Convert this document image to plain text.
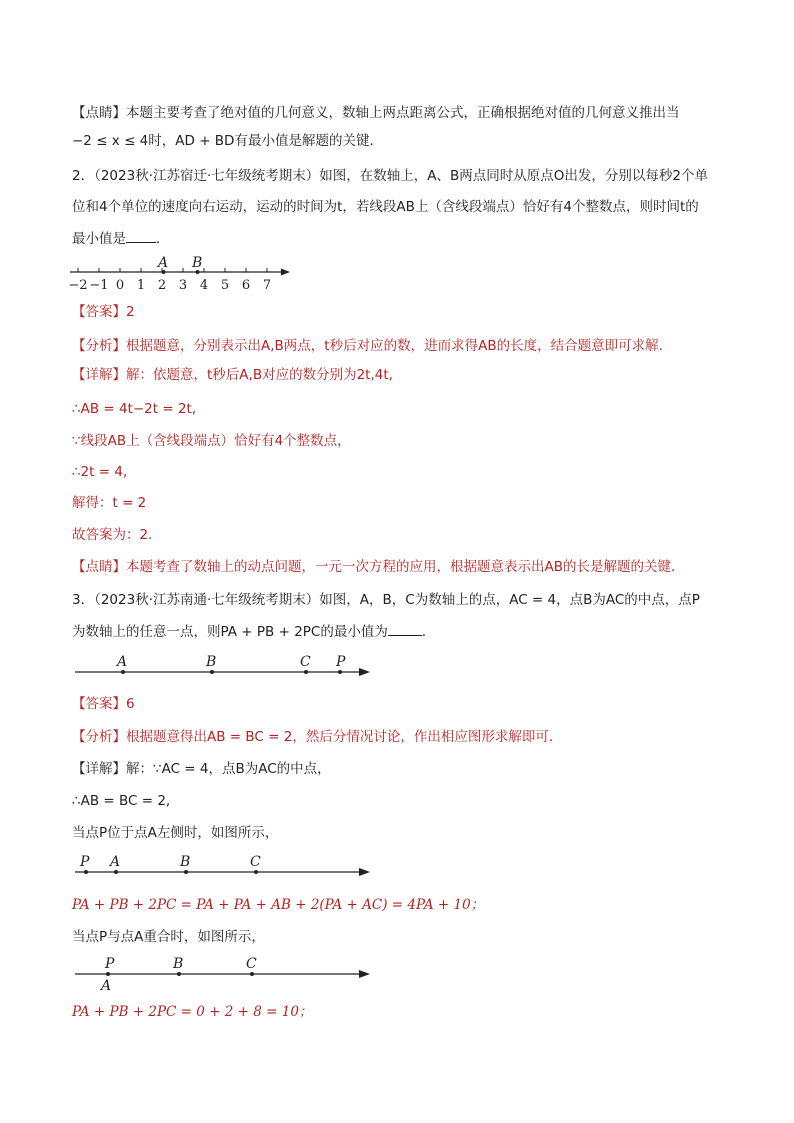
【点睛】本题主要考查了绝对值的几何意义，数轴上两点距离公式，正确根据绝对值的几何意义推出当
−2 ≤ x ≤ 4时，AD + BD有最小值是解题的关键．
2．（2023秋·江苏宿迁·七年级统考期末）如图，在数轴上，A、B两点同时从原点O出发，分别以每秒2个单
位和4个单位的速度向右运动，运动的时间为t，若线段AB上（含线段端点）恰好有4个整数点，则时间t的
最小值是 ．
−2 −1 0 1 2 3 4 5 6 7
A B
【答案】2
【分析】根据题意，分别表示出A,B两点，t秒后对应的数，进而求得AB的长度，结合题意即可求解．
【详解】解：依题意，t秒后A,B对应的数分别为2t,4t,
∴AB = 4t−2t = 2t,
∵线段AB上（含线段端点）恰好有4个整数点，
∴2t = 4,
解得：t = 2
故答案为：2．
【点睛】本题考查了数轴上的动点问题，一元一次方程的应用，根据题意表示出AB的长是解题的关键．
3．（2023秋·江苏南通·七年级统考期末）如图，A，B，C为数轴上的点，AC = 4，点B为AC的中点，点P
为数轴上的任意一点，则PA + PB + 2PC的最小值为	．
A	B	C P
【答案】6
【分析】根据题意得出AB = BC = 2，然后分情况讨论，作出相应图形求解即可．
【详解】解：∵AC = 4，点B为AC的中点，
∴AB = BC = 2,
当点P位于点A左侧时，如图所示，
P A	B	C
PA + PB + 2PC = PA + PA + AB + 2(PA + AC) = 4PA + 10；
当点P与点A重合时，如图所示，
P
A
B	C
PA + PB + 2PC = 0 + 2 + 8 = 10；
